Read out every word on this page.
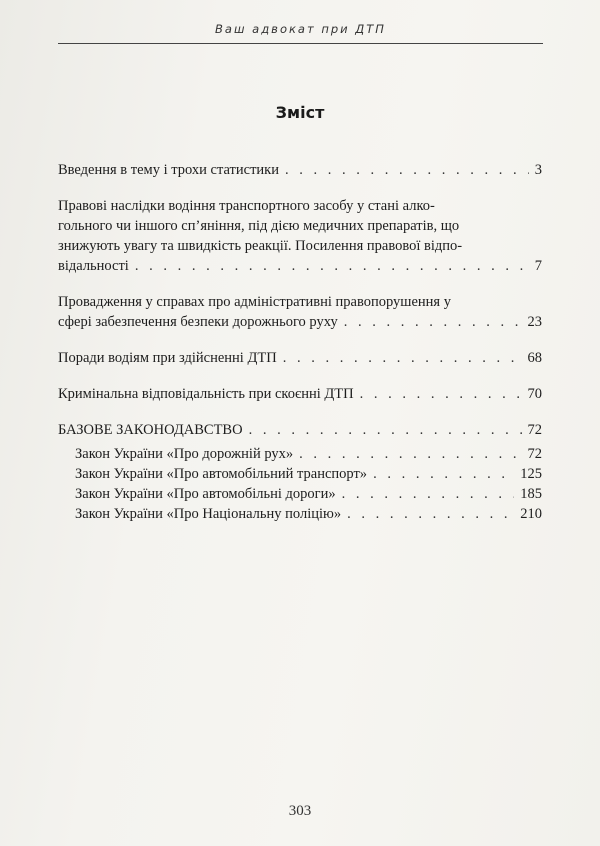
Ваш адвокат при ДТП
Зміст
Введення в тему і трохи статистики . . .	3
Правові наслідки водіння транспортного засобу у стані алко-
гольного чи іншого сп’яніння, під дією медичних препаратів, що
знижують увагу та швидкість реакції. Посилення правової відпо-
відальності . . .	7
Провадження у справах про адміністративні правопорушення у
сфері забезпечення безпеки дорожнього руху . . .	23
Поради водіям при здійсненні ДТП . . .	68
Кримінальна відповідальність при скоєнні ДТП . . .	70
БАЗОВЕ ЗАКОНОДАВСТВО . . .	72
Закон України «Про дорожній рух» . . .	72
Закон України «Про автомобільний транспорт» . . .	125
Закон України «Про автомобільні дороги» . . .	185
Закон України «Про Національну поліцію» . . .	210
303
